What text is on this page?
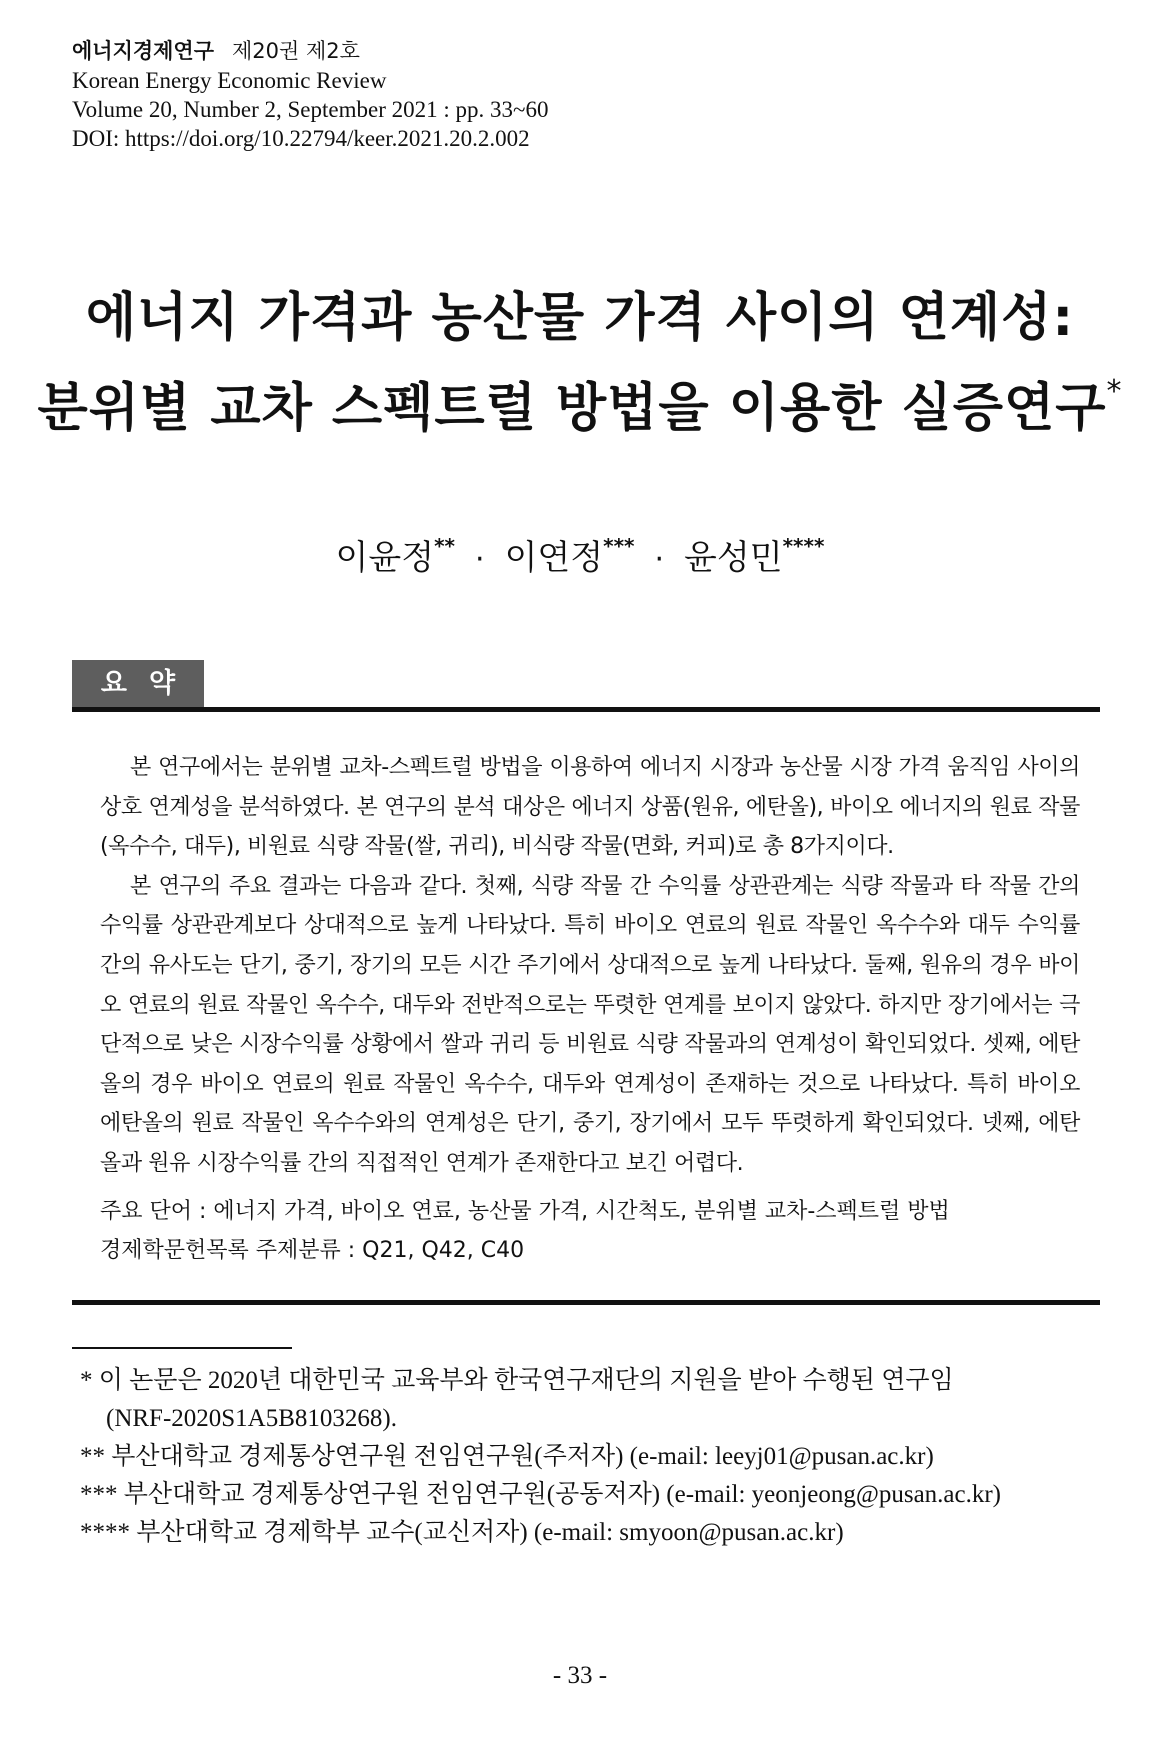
에너지경제연구 제20권 제2호
Korean Energy Economic Review
Volume 20, Number 2, September 2021 : pp. 33~60
DOI: https://doi.org/10.22794/keer.2021.20.2.002
에너지 가격과 농산물 가격 사이의 연계성:
분위별 교차 스펙트럴 방법을 이용한 실증연구*
이윤정** · 이연정*** · 윤성민****
요약

본 연구에서는 분위별 교차-스펙트럴 방법을 이용하여 에너지 시장과 농산물 시장 가격 움직임 사이의 상호 연계성을 분석하였다. 본 연구의 분석 대상은 에너지 상품(원유, 에탄올), 바이오 에너지의 원료 작물(옥수수, 대두), 비원료 식량 작물(쌀, 귀리), 비식량 작물(면화, 커피)로 총 8가지이다.

본 연구의 주요 결과는 다음과 같다. 첫째, 식량 작물 간 수익률 상관관계는 식량 작물과 타 작물 간의 수익률 상관관계보다 상대적으로 높게 나타났다. 특히 바이오 연료의 원료 작물인 옥수수와 대두 수익률 간의 유사도는 단기, 중기, 장기의 모든 시간 주기에서 상대적으로 높게 나타났다. 둘째, 원유의 경우 바이오 연료의 원료 작물인 옥수수, 대두와 전반적으로는 뚜렷한 연계를 보이지 않았다. 하지만 장기에서는 극단적으로 낮은 시장수익률 상황에서 쌀과 귀리 등 비원료 식량 작물과의 연계성이 확인되었다. 셋째, 에탄올의 경우 바이오 연료의 원료 작물인 옥수수, 대두와 연계성이 존재하는 것으로 나타났다. 특히 바이오 에탄올의 원료 작물인 옥수수와의 연계성은 단기, 중기, 장기에서 모두 뚜렷하게 확인되었다. 넷째, 에탄올과 원유 시장수익률 간의 직접적인 연계가 존재한다고 보긴 어렵다.

주요 단어 : 에너지 가격, 바이오 연료, 농산물 가격, 시간척도, 분위별 교차-스펙트럴 방법
경제학문헌목록 주제분류 : Q21, Q42, C40
* 이 논문은 2020년 대한민국 교육부와 한국연구재단의 지원을 받아 수행된 연구임
(NRF-2020S1A5B8103268).
** 부산대학교 경제통상연구원 전임연구원(주저자) (e-mail: leeyj01@pusan.ac.kr)
*** 부산대학교 경제통상연구원 전임연구원(공동저자) (e-mail: yeonjeong@pusan.ac.kr)
**** 부산대학교 경제학부 교수(교신저자) (e-mail: smyoon@pusan.ac.kr)
- 33 -
